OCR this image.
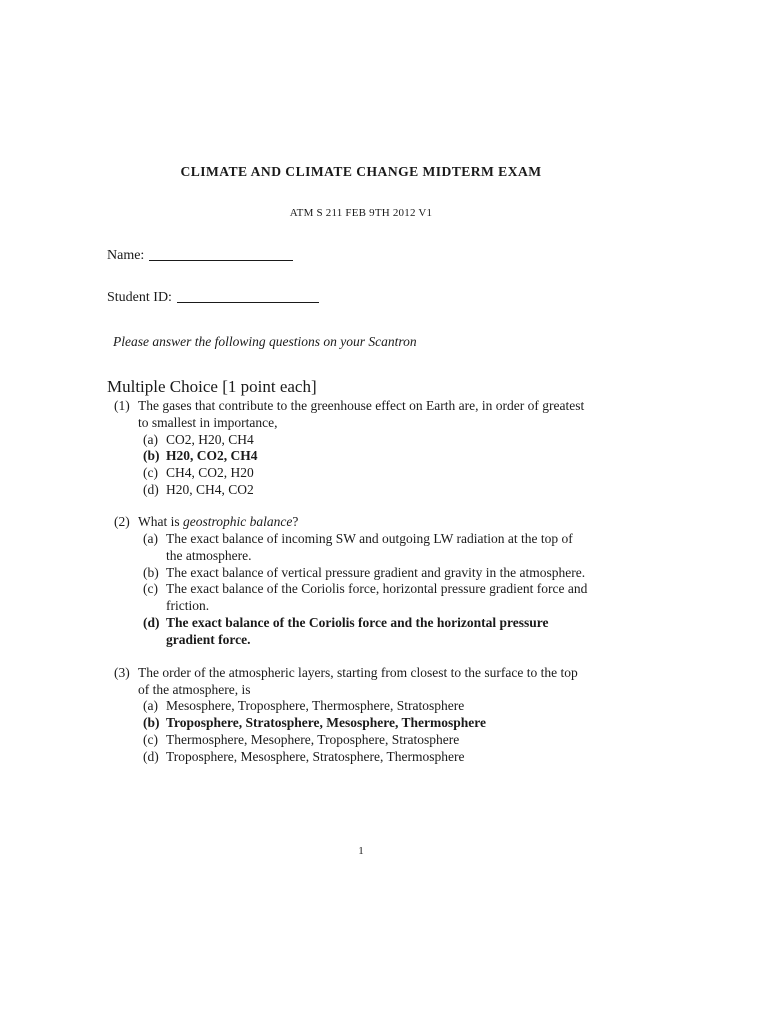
CLIMATE AND CLIMATE CHANGE MIDTERM EXAM
ATM S 211 FEB 9TH 2012 V1
Name:
Student ID:
Please answer the following questions on your Scantron
Multiple Choice [1 point each]
(1) The gases that contribute to the greenhouse effect on Earth are, in order of greatest
to smallest in importance,
(a) CO2, H20, CH4
(b) H20, CO2, CH4
(c) CH4, CO2, H20
(d) H20, CH4, CO2
(2) What is geostrophic balance?
(a) The exact balance of incoming SW and outgoing LW radiation at the top of
the atmosphere.
(b) The exact balance of vertical pressure gradient and gravity in the atmosphere.
(c) The exact balance of the Coriolis force, horizontal pressure gradient force and
friction.
(d) The exact balance of the Coriolis force and the horizontal pressure
gradient force.
(3) The order of the atmospheric layers, starting from closest to the surface to the top
of the atmosphere, is
(a) Mesosphere, Troposphere, Thermosphere, Stratosphere
(b) Troposphere, Stratosphere, Mesosphere, Thermosphere
(c) Thermosphere, Mesophere, Troposphere, Stratosphere
(d) Troposphere, Mesosphere, Stratosphere, Thermosphere
1
